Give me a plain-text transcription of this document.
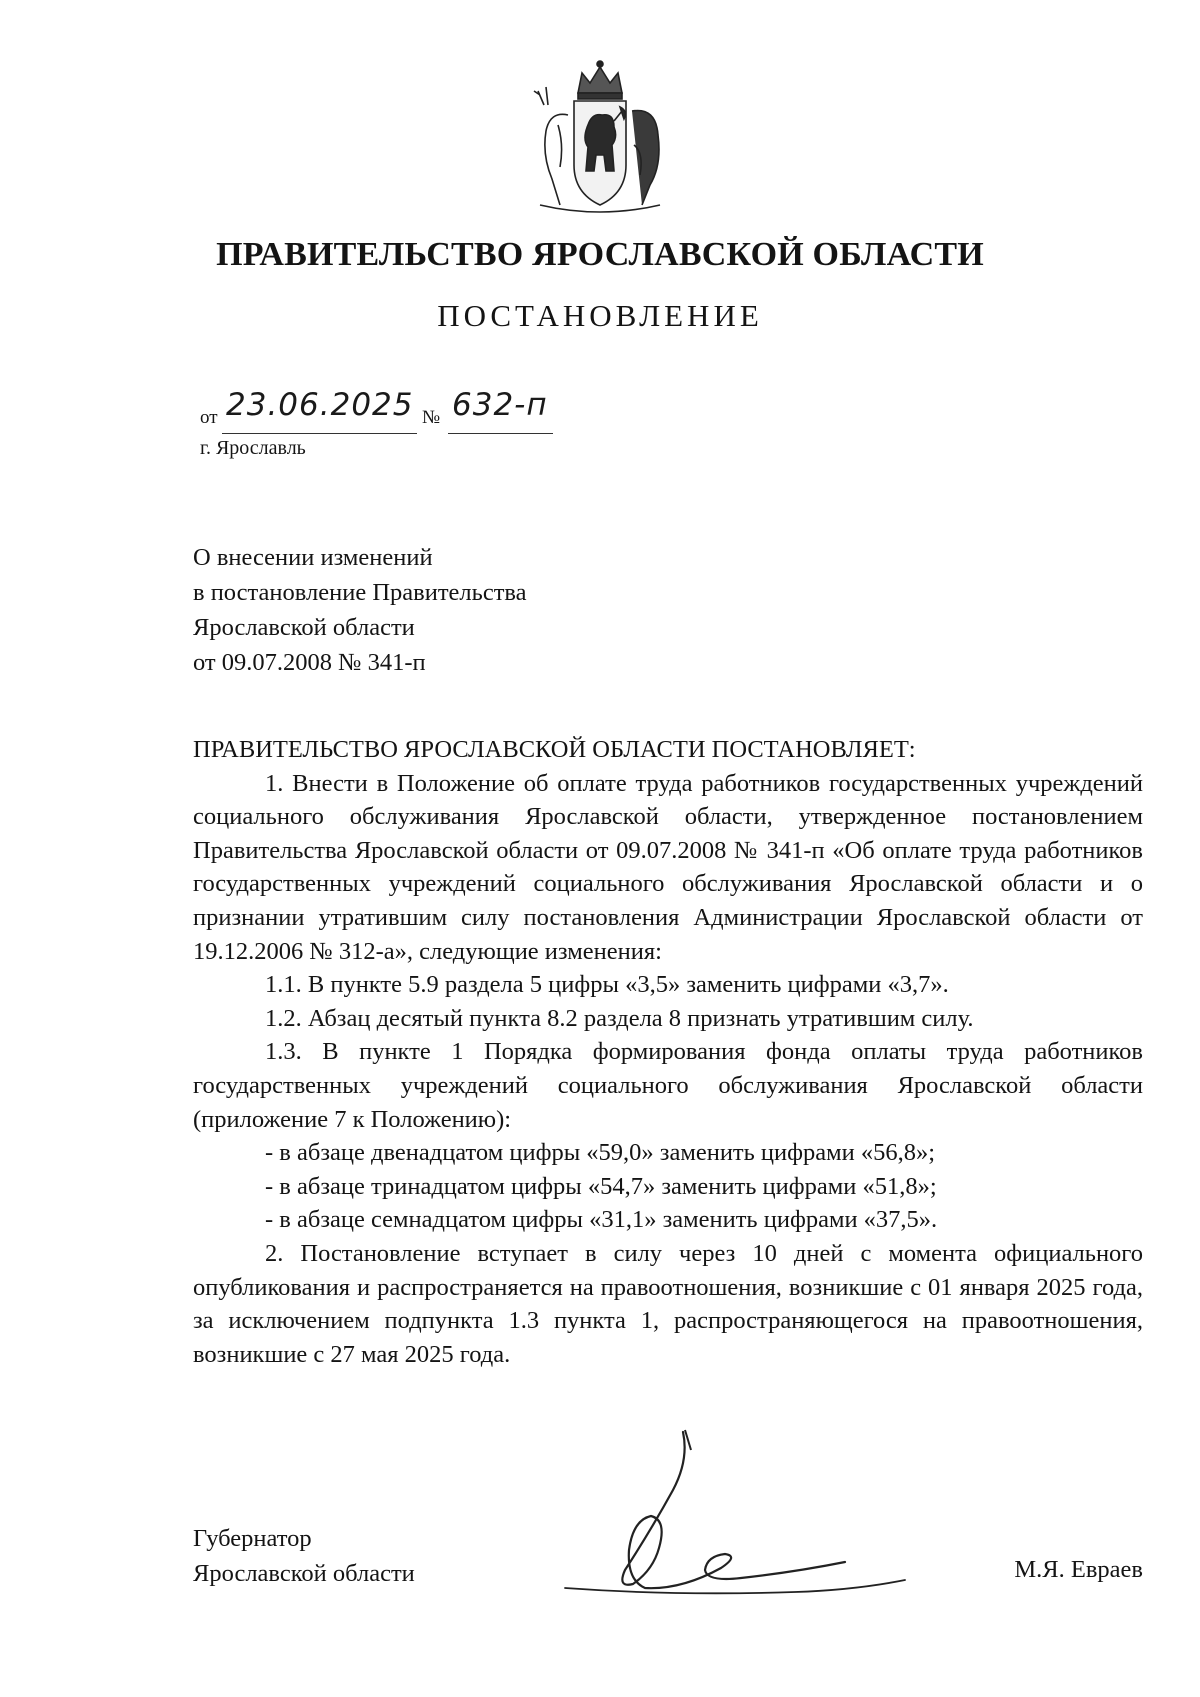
ПРАВИТЕЛЬСТВО ЯРОСЛАВСКОЙ ОБЛАСТИ
ПОСТАНОВЛЕНИЕ
от 23.06.2025 № 632-п
г. Ярославль
О внесении изменений
в постановление Правительства
Ярославской области
от 09.07.2008 № 341-п

ПРАВИТЕЛЬСТВО ЯРОСЛАВСКОЙ ОБЛАСТИ ПОСТАНОВЛЯЕТ:

1. Внести в Положение об оплате труда работников государственных учреждений социального обслуживания Ярославской области, утвержденное постановлением Правительства Ярославской области от 09.07.2008 № 341-п «Об оплате труда работников государственных учреждений социального обслуживания Ярославской области и о признании утратившим силу постановления Администрации Ярославской области от 19.12.2006 № 312-а», следующие изменения:

1.1. В пункте 5.9 раздела 5 цифры «3,5» заменить цифрами «3,7».

1.2. Абзац десятый пункта 8.2 раздела 8 признать утратившим силу.

1.3. В пункте 1 Порядка формирования фонда оплаты труда работников государственных учреждений социального обслуживания Ярославской области (приложение 7 к Положению):

- в абзаце двенадцатом цифры «59,0» заменить цифрами «56,8»;

- в абзаце тринадцатом цифры «54,7» заменить цифрами «51,8»;

- в абзаце семнадцатом цифры «31,1» заменить цифрами «37,5».

2. Постановление вступает в силу через 10 дней с момента официального опубликования и распространяется на правоотношения, возникшие с 01 января 2025 года, за исключением подпункта 1.3 пункта 1, распространяющегося на правоотношения, возникшие с 27 мая 2025 года.

Губернатор
Ярославской области	М.Я. Евраев
